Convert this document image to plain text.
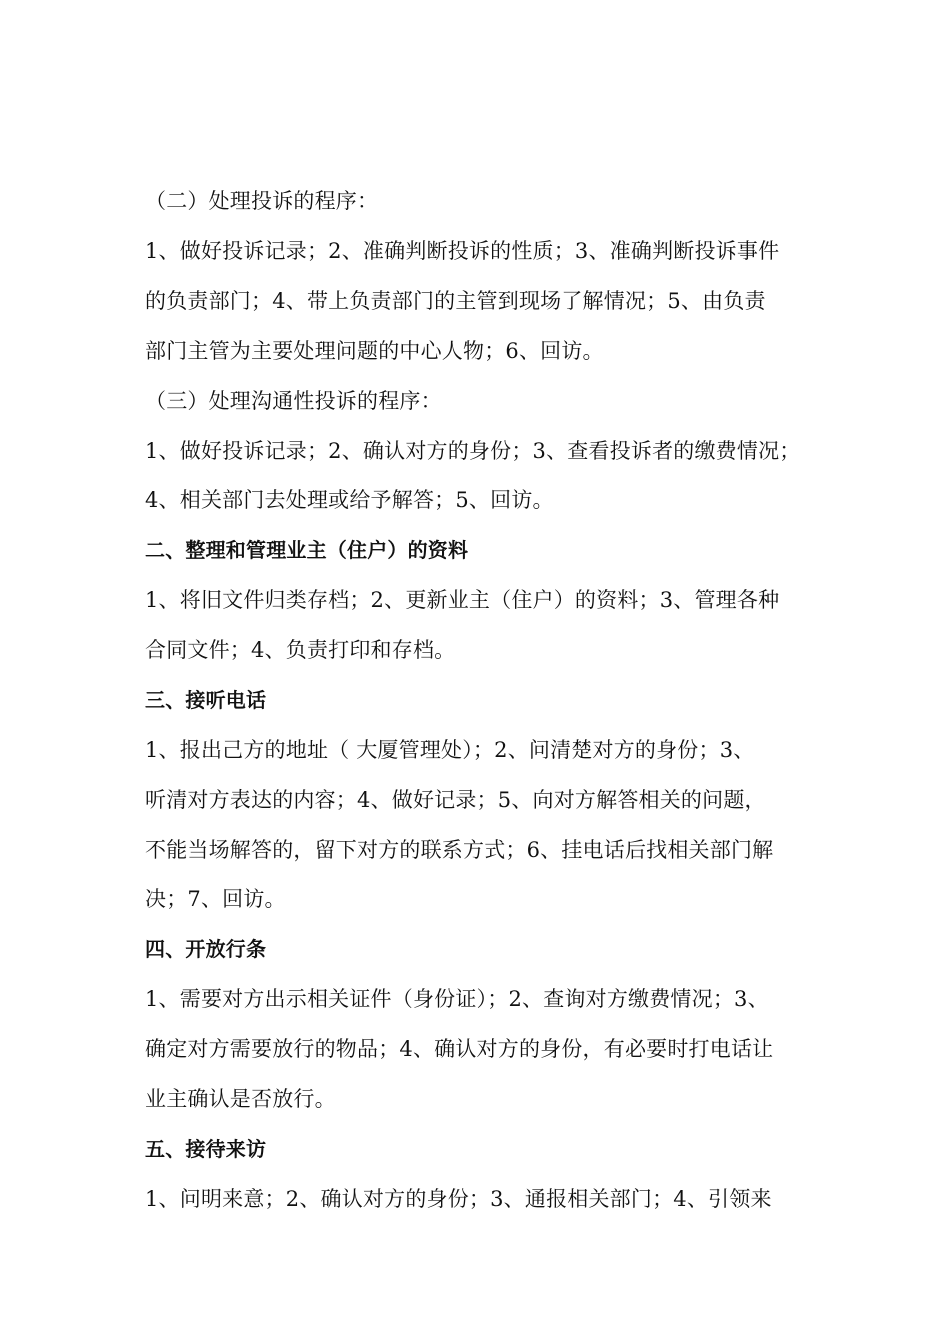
（二）处理投诉的程序：
1、做好投诉记录；2、准确判断投诉的性质；3、准确判断投诉事件
的负责部门；4、带上负责部门的主管到现场了解情况；5、由负责
部门主管为主要处理问题的中心人物；6、回访。
（三）处理沟通性投诉的程序：
1、做好投诉记录；2、确认对方的身份；3、查看投诉者的缴费情况；
4、相关部门去处理或给予解答；5、回访。
二、整理和管理业主（住户）的资料
1、将旧文件归类存档；2、更新业主（住户）的资料；3、管理各种
合同文件；4、负责打印和存档。
三、接听电话
1、报出己方的地址（ 大厦管理处）；2、问清楚对方的身份；3、
听清对方表达的内容；4、做好记录；5、向对方解答相关的问题，
不能当场解答的，留下对方的联系方式；6、挂电话后找相关部门解
决；7、回访。
四、开放行条
1、需要对方出示相关证件（身份证）；2、查询对方缴费情况；3、
确定对方需要放行的物品；4、确认对方的身份，有必要时打电话让
业主确认是否放行。
五、接待来访
1、问明来意；2、确认对方的身份；3、通报相关部门；4、引领来
